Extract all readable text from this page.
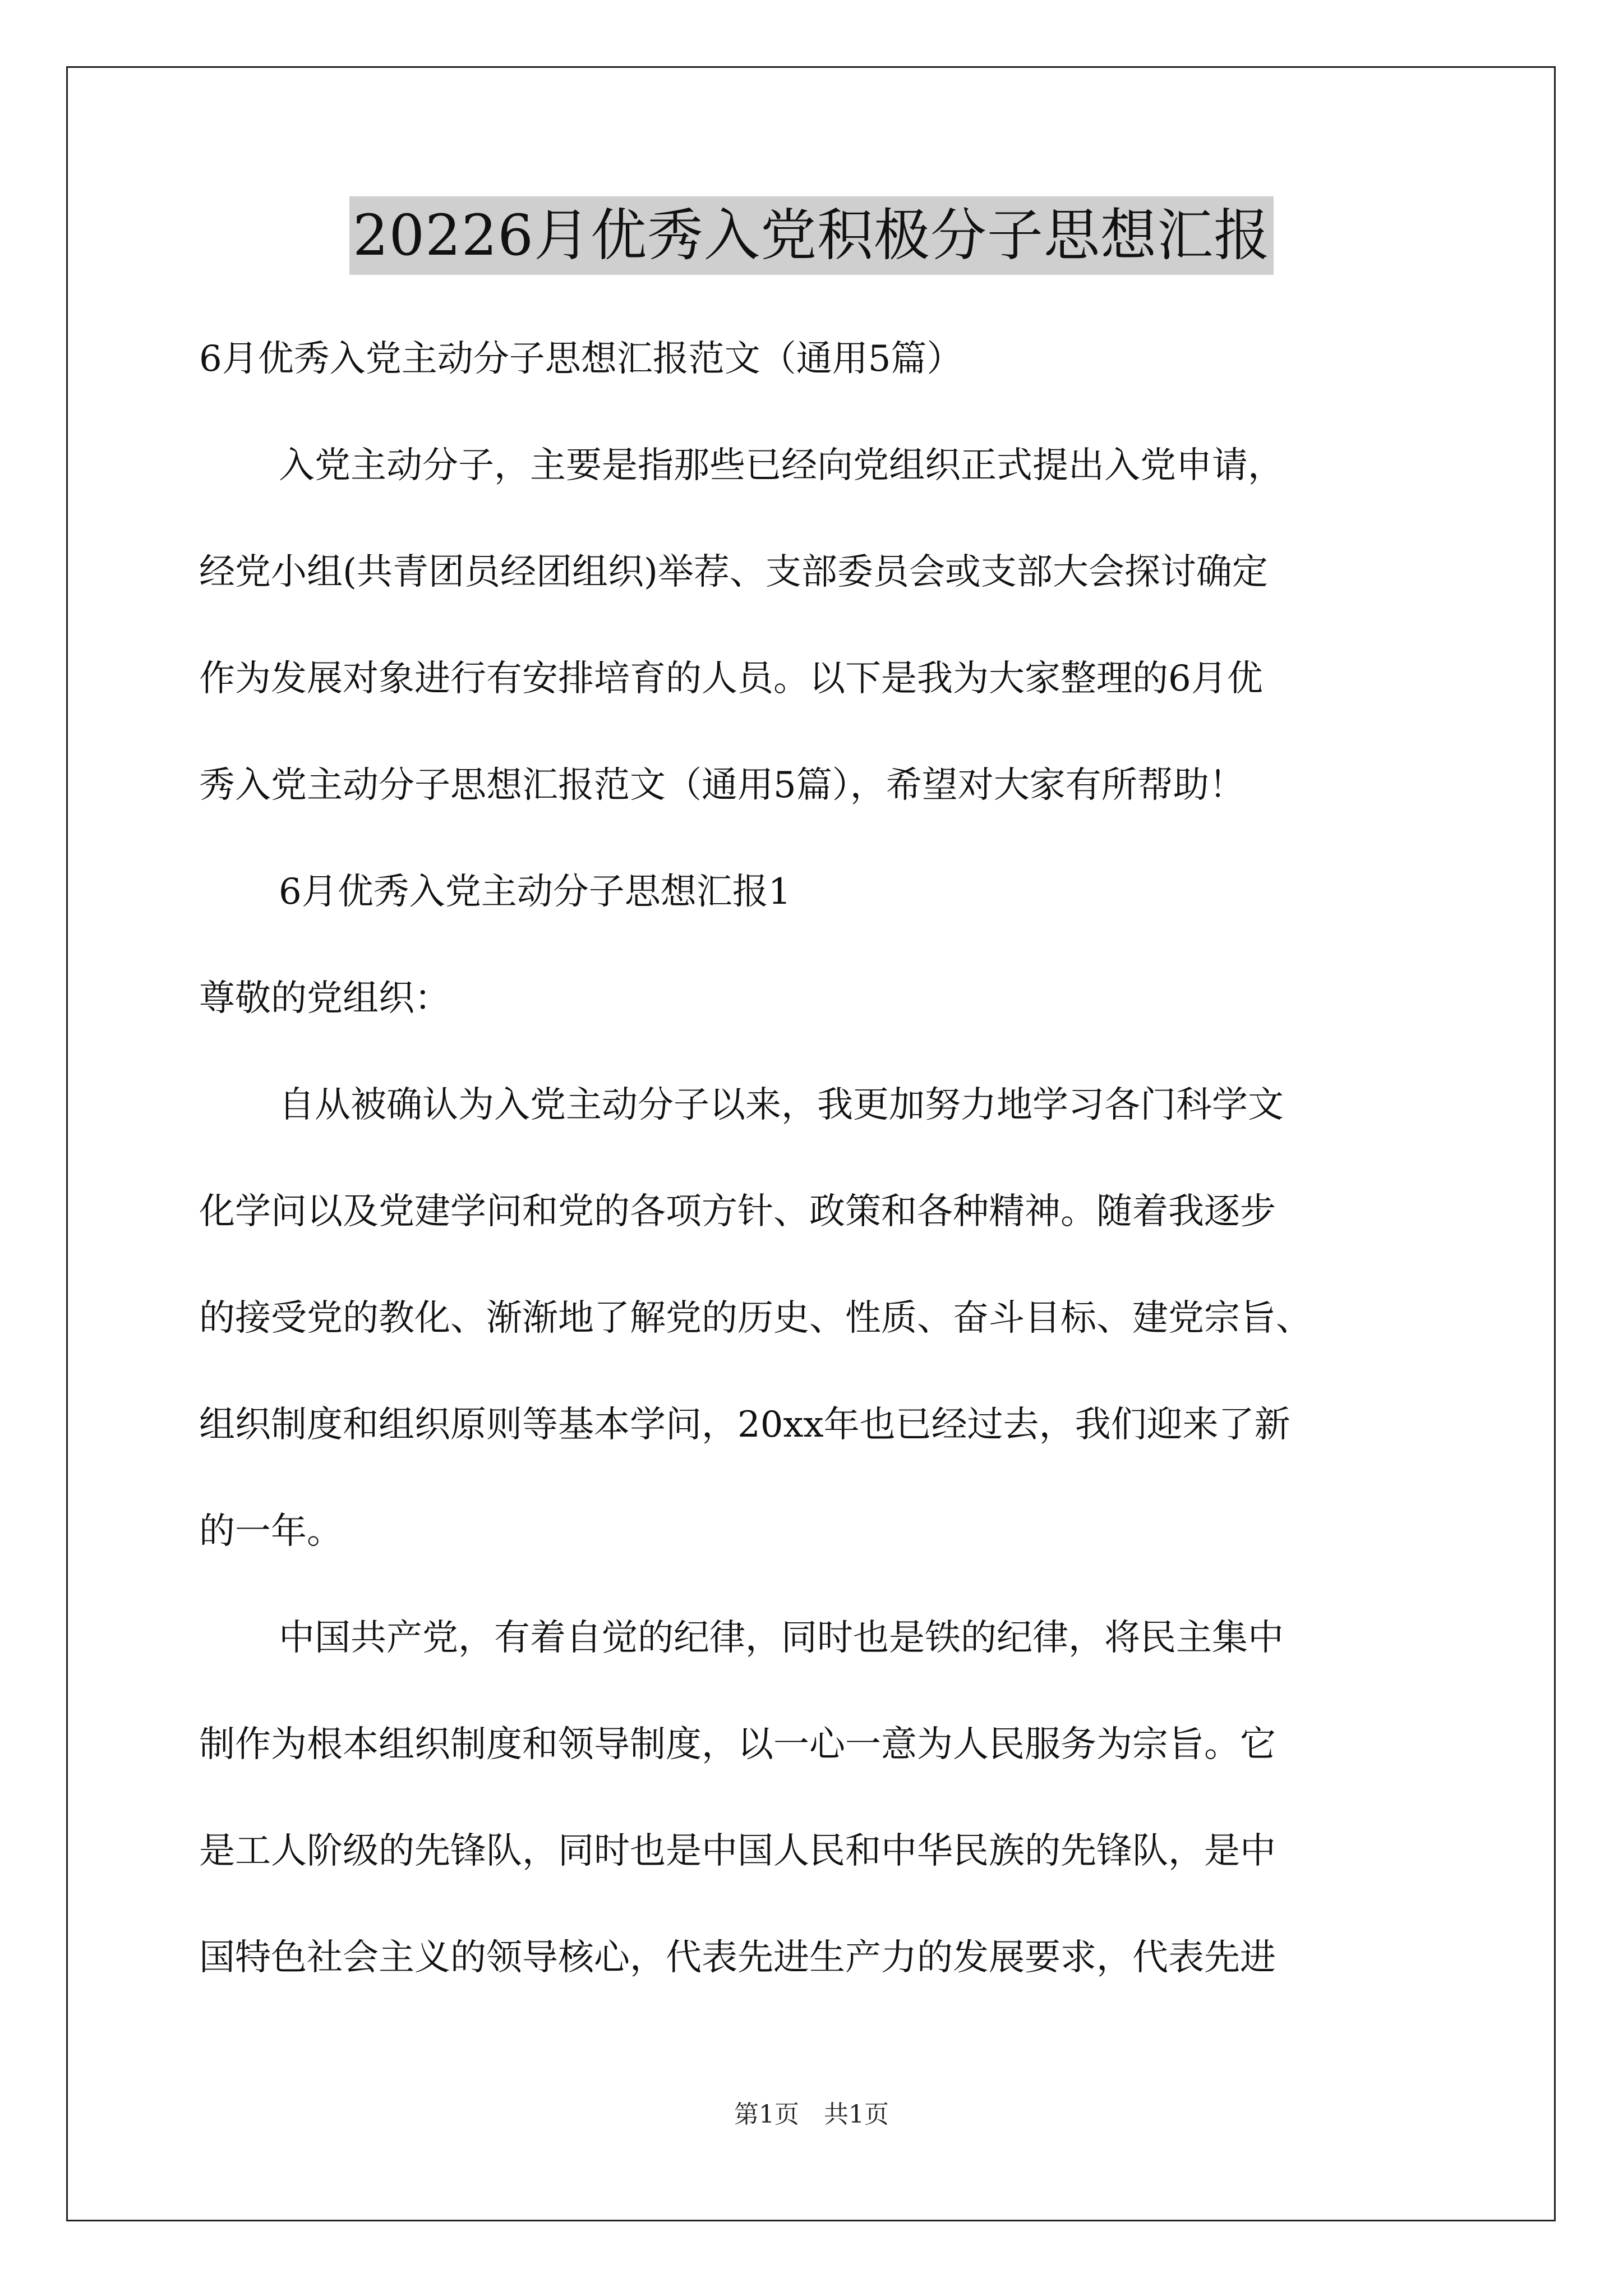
20226月优秀入党积极分子思想汇报

6月优秀入党主动分子思想汇报范文（通用5篇）

入党主动分子，主要是指那些已经向党组织正式提出入党申请，

经党小组(共青团员经团组织)举荐、支部委员会或支部大会探讨确定

作为发展对象进行有安排培育的人员。以下是我为大家整理的6月优

秀入党主动分子思想汇报范文（通用5篇），希望对大家有所帮助！

6月优秀入党主动分子思想汇报1

尊敬的党组织：

自从被确认为入党主动分子以来，我更加努力地学习各门科学文

化学问以及党建学问和党的各项方针、政策和各种精神。随着我逐步

的接受党的教化、渐渐地了解党的历史、性质、奋斗目标、建党宗旨、

组织制度和组织原则等基本学问，20xx年也已经过去，我们迎来了新

的一年。

中国共产党，有着自觉的纪律，同时也是铁的纪律，将民主集中

制作为根本组织制度和领导制度，以一心一意为人民服务为宗旨。它

是工人阶级的先锋队，同时也是中国人民和中华民族的先锋队，是中

国特色社会主义的领导核心，代表先进生产力的发展要求，代表先进

第1页　共1页
